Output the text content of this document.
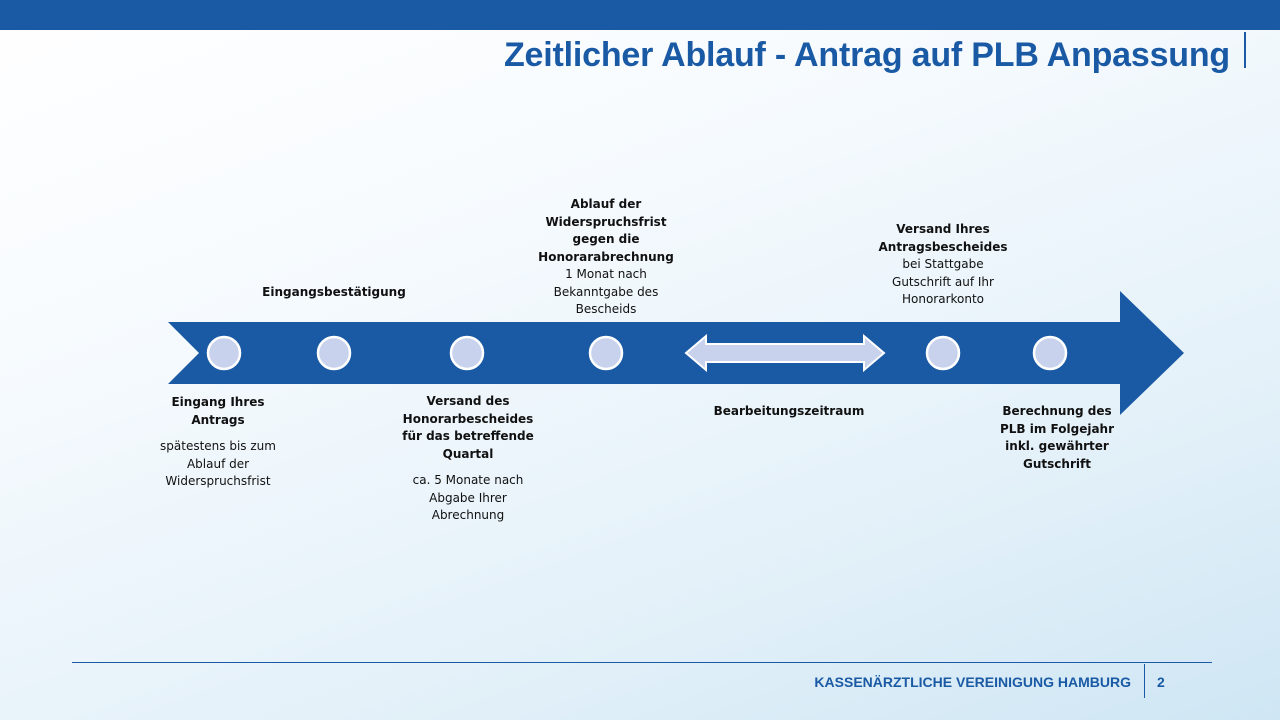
Zeitlicher Ablauf - Antrag auf PLB Anpassung
Eingang Ihres Antrags
spätestens bis zum Ablauf der Widerspruchsfrist
Eingangsbestätigung
Versand des Honorarbescheides für das betreffende Quartal
ca. 5 Monate nach Abgabe Ihrer Abrechnung
Ablauf der Widerspruchsfrist gegen die Honorarabrechnung
1 Monat nach Bekanntgabe des Bescheids
Bearbeitungszeitraum
Versand Ihres Antragsbescheides
bei Stattgabe Gutschrift auf Ihr Honorarkonto
Berechnung des PLB im Folgejahr inkl. gewährter Gutschrift
KASSENÄRZTLICHE VEREINIGUNG HAMBURG 2
